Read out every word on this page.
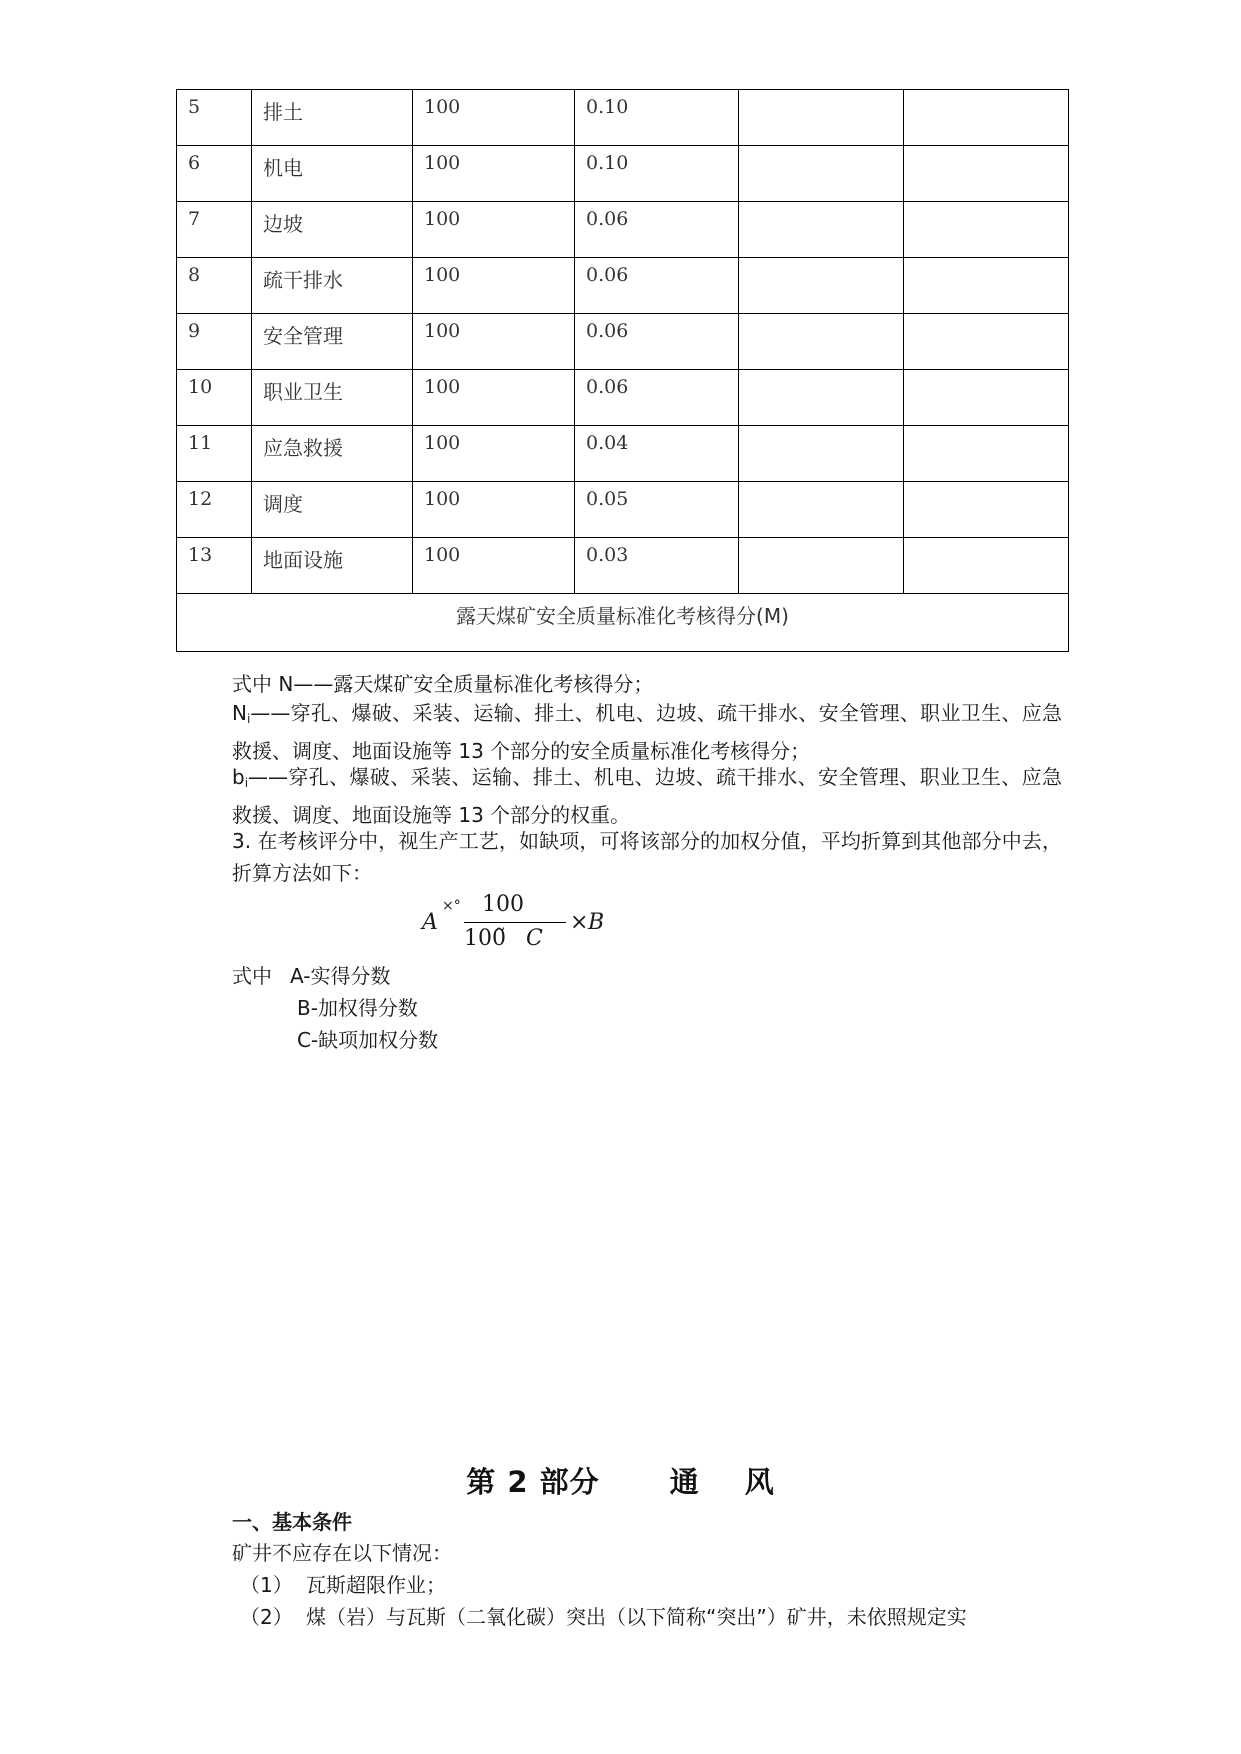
5	排土	100	0.10		
6	机电	100	0.10		
7	边坡	100	0.06		
8	疏干排水	100	0.06		
9	安全管理	100	0.06		
10	职业卫生	100	0.06		
11	应急救援	100	0.04		
12	调度	100	0.05		
13	地面设施	100	0.03		
露天煤矿安全质量标准化考核得分(M)					
式中 N——露天煤矿安全质量标准化考核得分；
$N_i——$穿孔、爆破、采装、运输、排土、机电、边坡、疏干排水、安全管理、职业卫生、应急救援、调度、地面设施等 13 个部分的安全质量标准化考核得分；
$b_i——$穿孔、爆破、采装、运输、排土、机电、边坡、疏干排水、安全管理、职业卫生、应急救援、调度、地面设施等 13 个部分的权重。
3. 在考核评分中，视生产工艺，如缺项，可将该部分的加权分值，平均折算到其他部分中去，折算方法如下：
A
×° 100
100̃ C
× B
式中 A-实得分数
B-加权得分数
C-缺项加权分数
第 2 部分 通 风
一、基本条件
矿井不应存在以下情况：
（1） 瓦斯超限作业；
（2） 煤（岩）与瓦斯（二氧化碳）突出（以下简称“突出”）矿井，未依照规定实
